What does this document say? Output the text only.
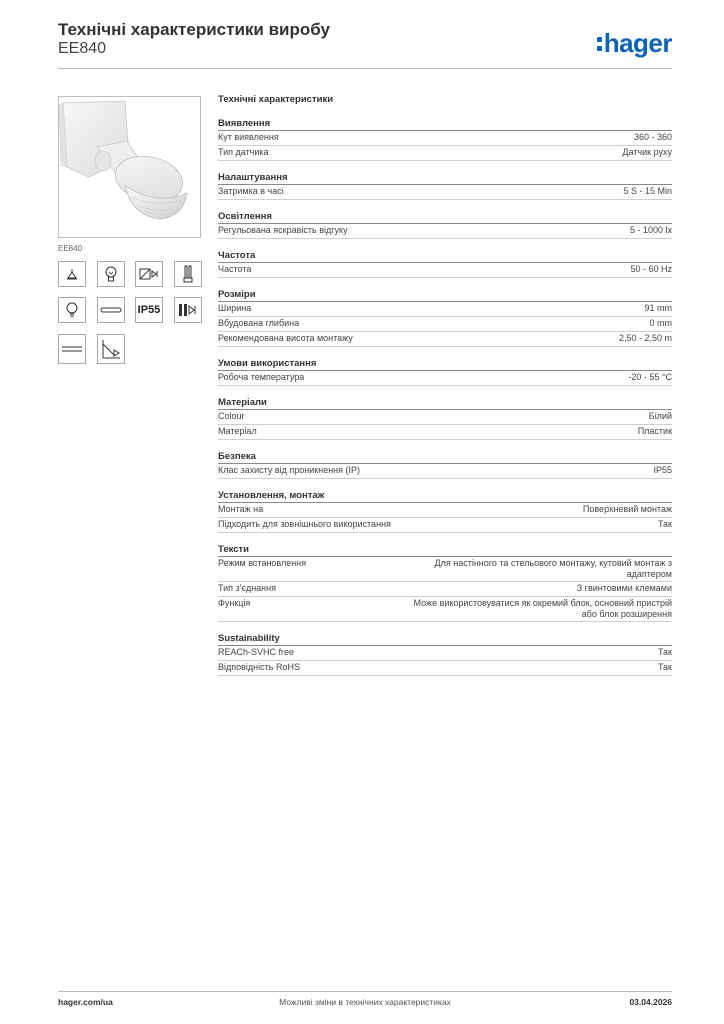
Технічні характеристики виробу
EE840	hager
EE840
IP55
Технічні характеристики
Виявлення
Кут виявлення	360 - 360
Тип датчика	Датчик руху
Налаштування
Затримка в часі	5 S - 15 Min
Освітлення
Регульована яскравість відгуку	5 - 1000 lx
Частота
Частота	50 - 60 Hz
Розміри
Ширина	91 mm
Вбудована глибина	0 mm
Рекомендована висота монтажу	2,50 - 2,50 m
Умови використання
Робоча температура	-20 - 55 °C
Матеріали
Colour	Білий
Матеріал	Пластик
Безпека
Клас захисту від проникнення (IP)	IP55
Установлення, монтаж
Монтаж на	Поверхневий монтаж
Підходить для зовнішнього використання	Так
Тексти
Режим встановлення	Для настінного та стельового монтажу, кутовий монтаж з адаптером
Тип з'єднання	З гвинтовими клемами
Функція	Може використовуватися як окремий блок, основний пристрій або блок розширення
Sustainability
REACh-SVHC free	Так
Відповідність RoHS	Так
hager.com/ua	Можливі зміни в технічних характеристиках	03.04.2026
